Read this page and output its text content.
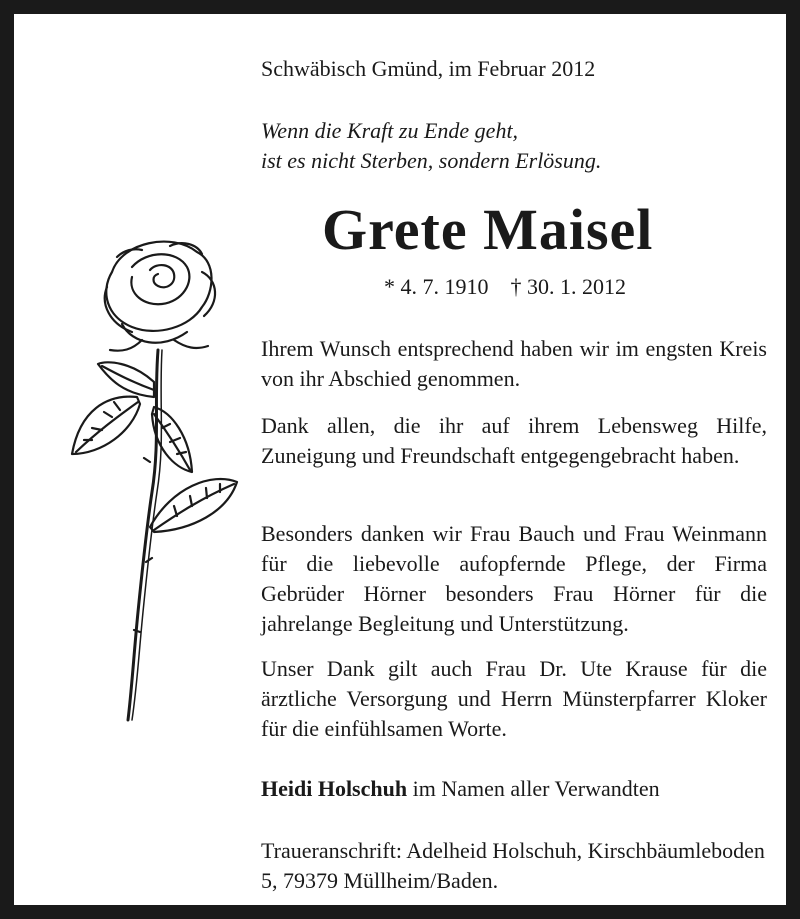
Schwäbisch Gmünd, im Februar 2012
Wenn die Kraft zu Ende geht,
ist es nicht Sterben, sondern Erlösung.
Grete Maisel
* 4. 7. 1910 † 30. 1. 2012
Ihrem Wunsch entsprechend haben wir im engsten Kreis von ihr Abschied genommen.
Dank allen, die ihr auf ihrem Lebensweg Hilfe, Zuneigung und Freundschaft entgegengebracht haben.
Besonders danken wir Frau Bauch und Frau Weinmann für die liebevolle aufopfernde Pflege, der Firma Gebrüder Hörner besonders Frau Hörner für die jahrelange Begleitung und Unterstützung.
Unser Dank gilt auch Frau Dr. Ute Krause für die ärztliche Versorgung und Herrn Münsterpfarrer Kloker für die einfühlsamen Worte.
Heidi Holschuh im Namen aller Verwandten
Traueranschrift: Adelheid Holschuh, Kirschbäumleboden 5, 79379 Müllheim/Baden.
